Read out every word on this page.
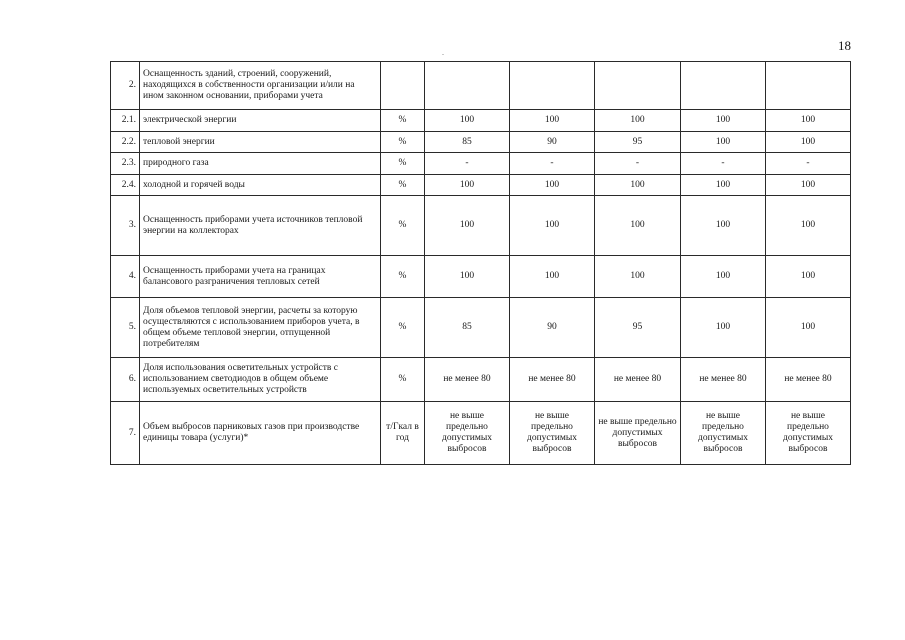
18
.
2.	Оснащенность зданий, строений, сооружений, находящихся в собственности организации и/или на ином законном основании, приборами учета						
2.1.	электрической энергии	%	100	100	100	100	100
2.2.	тепловой энергии	%	85	90	95	100	100
2.3.	природного газа	%	-	-	-	-	-
2.4.	холодной и горячей воды	%	100	100	100	100	100
3.	Оснащенность приборами учета источников тепловой энергии на коллекторах	%	100	100	100	100	100
4.	Оснащенность приборами учета на границах балансового разграничения тепловых сетей	%	100	100	100	100	100
5.	Доля объемов тепловой энергии, расчеты за которую осуществляются с использованием приборов учета, в общем объеме тепловой энергии, отпущенной потребителям	%	85	90	95	100	100
6.	Доля использования осветительных устройств с использованием светодиодов в общем объеме используемых осветительных устройств	%	не менее 80	не менее 80	не менее 80	не менее 80	не менее 80
7.	Объем выбросов парниковых газов при производстве единицы товара (услуги)*	т/Гкал в год	не выше предельно допустимых выбросов	не выше предельно допустимых выбросов	не выше предельно допустимых выбросов	не выше предельно допустимых выбросов	не выше предельно допустимых выбросов
